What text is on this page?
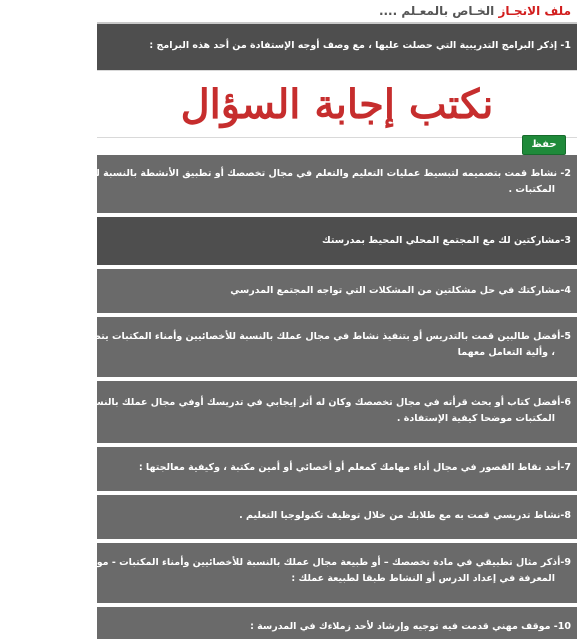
ملف الانجـاز الخـاص بالمعـلم ....
1- إذكر البرامج التدريبية التي حصلت عليها ، مع وصف أوجه الإستفادة من أحد هذه البرامج :
نكتب إجابة السؤال
حفظ
2- نشاط قمت بتصميمه لتبسيط عمليات التعليم والتعلم في مجال تخصصك أو تطبيق الأنشطة بالنسبة لوظائف الأخصائيين
المكتبات .
3-مشاركتين لك مع المجتمع المحلي المحيط بمدرستك
4-مشاركتك في حل مشكلتين من المشكلات التي تواجه المجتمع المدرسي
5-أفضل طالبين قمت بالتدريس أو بتنفيذ نشاط في مجال عملك بالنسبة للأخصائيين وأمناء المكتبات يتصفان بالإبداع والتميز
، وألية التعامل معهما
6-أفضل كتاب أو بحث قرأته في مجال تخصصك وكان له أثر إيجابي في تدريسك أوفي مجال عملك بالنسبة للأخصائيين وأمناء
المكتبات موضحا كيفية الإستفادة .
7-أحد نقاط القصور في مجال أداء مهامك كمعلم أو أخصائي أو أمين مكتبة ، وكيفية معالجتها :
8-نشاط تدريسي قمت به مع طلابك من خلال توظيف تكنولوجيا التعليم .
9-أذكر مثال تطبيقي في مادة تخصصك – أو طبيعة مجال عملك بالنسبة للأخصائيين وأمناء المكتبات - موضحا كيفية توظيف
المعرفة في إعداد الدرس أو النشاط طبقا لطبيعة عملك :
10- موقف مهني قدمت فيه توجيه وإرشاد لأحد زملاءك في المدرسة :
